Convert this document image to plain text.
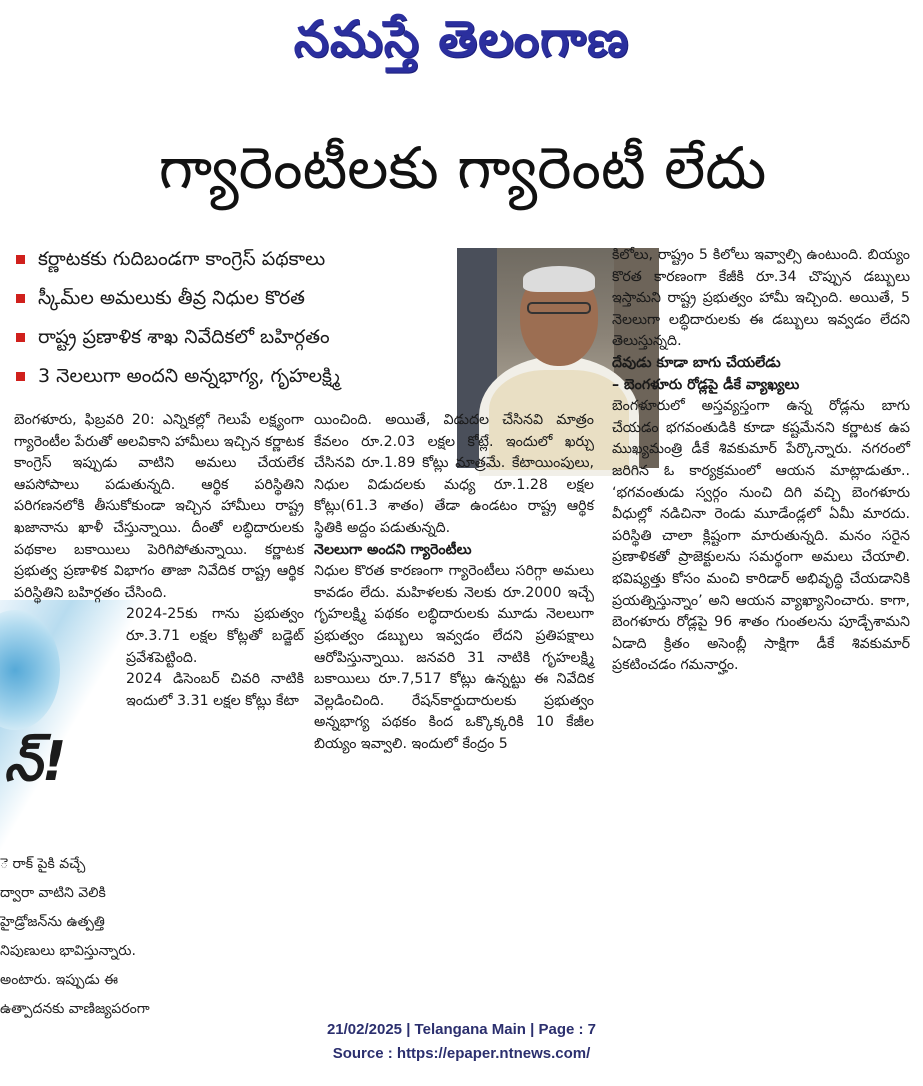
నమస్తే తెలంగాణ
గ్యారెంటీలకు గ్యారెంటీ లేదు
కర్ణాటకకు గుదిబండగా కాంగ్రెస్ పథకాలు
స్కీమ్‌ల అమలుకు తీవ్ర నిధుల కొరత
రాష్ట్ర ప్రణాళిక శాఖ నివేదికలో బహిర్గతం
3 నెలలుగా అందని అన్నభాగ్య, గృహలక్ష్మి
న్!
ె రాక్ పైకి వచ్చే
ద్వారా వాటిని వెలికి
హైడ్రోజన్‌ను ఉత్పత్తి
నిపుణులు భావిస్తున్నారు.
అంటారు. ఇప్పుడు ఈ
ఉత్పాదనకు వాణిజ్యపరంగా

బెంగళూరు, ఫిబ్రవరి 20: ఎన్నికల్లో గెలుపే లక్ష్యంగా గ్యారెంటీల పేరుతో అలవికాని హామీలు ఇచ్చిన కర్ణాటక కాంగ్రెస్ ఇప్పుడు వాటిని అమలు చేయలేక ఆపసోపాలు పడుతున్నది. ఆర్థిక పరిస్థితిని పరిగణనలోకి తీసుకోకుండా ఇచ్చిన హామీలు రాష్ట్ర ఖజానాను ఖాళీ చేస్తున్నాయి. దీంతో లబ్ధిదారులకు పథకాల బకాయిలు పెరిగిపోతున్నాయి. కర్ణాటక ప్రభుత్వ ప్రణాళిక విభాగం తాజా నివేదిక రాష్ట్ర ఆర్థిక పరిస్థితిని బహిర్గతం చేసింది.

2024-25కు గాను ప్రభుత్వం రూ.3.71 లక్షల కోట్లతో బడ్జెట్ ప్రవేశపెట్టింది.

2024 డిసెంబర్ చివరి నాటికి ఇందులో 3.31 లక్షల కోట్లు కేటా

యించింది. అయితే, విడుదల చేసినవి మాత్రం కేవలం రూ.2.03 లక్షల కోట్లే. ఇందులో ఖర్చు చేసినవి రూ.1.89 కోట్లు మాత్రమే. కేటాయింపులు, నిధుల విడుదలకు మధ్య రూ.1.28 లక్షల కోట్లు(61.3 శాతం) తేడా ఉండటం రాష్ట్ర ఆర్థిక స్థితికి అద్దం పడుతున్నది.

నెలలుగా అందని గ్యారెంటీలు

నిధుల కొరత కారణంగా గ్యారెంటీలు సరిగ్గా అమలు కావడం లేదు. మహిళలకు నెలకు రూ.2000 ఇచ్చే గృహలక్ష్మి పథకం లబ్ధిదారులకు మూడు నెలలుగా ప్రభుత్వం డబ్బులు ఇవ్వడం లేదని ప్రతిపక్షాలు ఆరోపిస్తున్నాయి. జనవరి 31 నాటికి గృహలక్ష్మి బకాయిలు రూ.7,517 కోట్లు ఉన్నట్టు ఈ నివేదిక వెల్లడించింది. రేషన్‌కార్డుదారులకు ప్రభుత్వం అన్నభాగ్య పథకం కింద ఒక్కొక్కరికి 10 కేజీల బియ్యం ఇవ్వాలి. ఇందులో కేంద్రం 5

కిలోలు, రాష్ట్రం 5 కిలోలు ఇవ్వాల్సి ఉంటుంది. బియ్యం కొరత కారణంగా కేజీకి రూ.34 చొప్పున డబ్బులు ఇస్తామని రాష్ట్ర ప్రభుత్వం హామీ ఇచ్చింది. అయితే, 5 నెలలుగా లబ్ధిదారులకు ఈ డబ్బులు ఇవ్వడం లేదని తెలుస్తున్నది.

దేవుడు కూడా బాగు చేయలేడు

– బెంగళూరు రోడ్లపై డీకే వ్యాఖ్యలు

బెంగళూరులో అస్తవ్యస్తంగా ఉన్న రోడ్లను బాగు చేయడం భగవంతుడికి కూడా కష్టమేనని కర్ణాటక ఉప ముఖ్యమంత్రి డీకే శివకుమార్ పేర్కొన్నారు. నగరంలో జరిగిన ఓ కార్యక్రమంలో ఆయన మాట్లాడుతూ.. ‘భగవంతుడు స్వర్గం నుంచి దిగి వచ్చి బెంగళూరు వీధుల్లో నడిచినా రెండు మూడేండ్లలో ఏమీ మారదు. పరిస్థితి చాలా క్లిష్టంగా మారుతున్నది. మనం సరైన ప్రణాళికతో ప్రాజెక్టులను సమర్థంగా అమలు చేయాలి. భవిష్యత్తు కోసం మంచి కారిడార్ అభివృద్ధి చేయడానికి ప్రయత్నిస్తున్నాం’ అని ఆయన వ్యాఖ్యానించారు. కాగా, బెంగళూరు రోడ్లపై 96 శాతం గుంతలను పూడ్చేశామని ఏడాది క్రితం అసెంబ్లీ సాక్షిగా డీకే శివకుమార్ ప్రకటించడం గమనార్హం.

21/02/2025 | Telangana Main | Page : 7
Source : https://epaper.ntnews.com/
